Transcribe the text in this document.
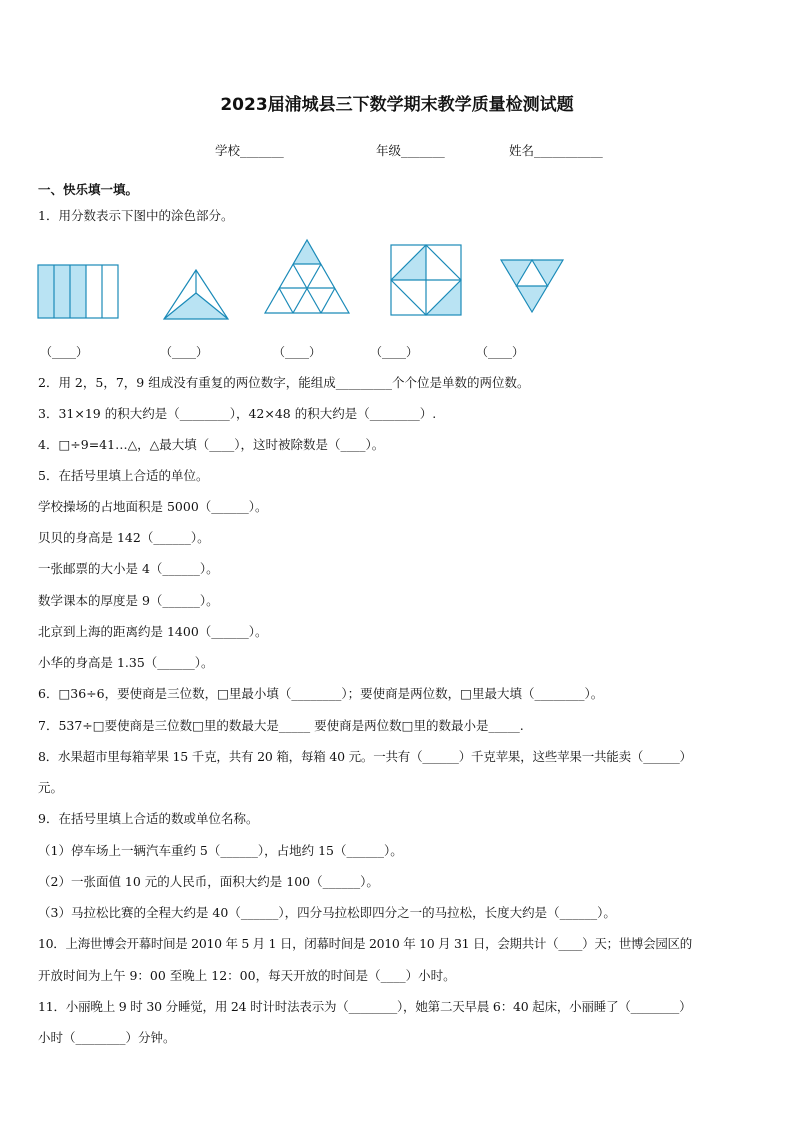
2023届浦城县三下数学期末教学质量检测试题
学校_______	年级_______	姓名___________
一、快乐填一填。
1．用分数表示下图中的涂色部分。
（____）	（____）	（____）	（____）	（____）
2．用 2，5，7，9 组成没有重复的两位数字，能组成_________个个位是单数的两位数。
3．31×19 的积大约是（________），42×48 的积大约是（________）.
4．□÷9=41…△，△最大填（____），这时被除数是（____）。
5．在括号里填上合适的单位。
学校操场的占地面积是 5000（______）。
贝贝的身高是 142（______）。
一张邮票的大小是 4（______）。
数学课本的厚度是 9（______）。
北京到上海的距离约是 1400（______）。
小华的身高是 1.35（______）。
6．□36÷6，要使商是三位数，□里最小填（________）；要使商是两位数，□里最大填（________）。
7．537÷□要使商是三位数□里的数最大是_____ 要使商是两位数□里的数最小是_____.
8．水果超市里每箱苹果 15 千克，共有 20 箱，每箱 40 元。一共有（______）千克苹果，这些苹果一共能卖（______）
元。
9．在括号里填上合适的数或单位名称。
（1）停车场上一辆汽车重约 5（______），占地约 15（______）。
（2）一张面值 10 元的人民币，面积大约是 100（______）。
（3）马拉松比赛的全程大约是 40（______），四分马拉松即四分之一的马拉松，长度大约是（______）。
10．上海世博会开幕时间是 2010 年 5 月 1 日，闭幕时间是 2010 年 10 月 31 日，会期共计（____）天；世博会园区的
开放时间为上午 9：00 至晚上 12：00，每天开放的时间是（____）小时。
11．小丽晚上 9 时 30 分睡觉，用 24 时计时法表示为（________），她第二天早晨 6：40 起床，小丽睡了（________）
小时（________）分钟。
